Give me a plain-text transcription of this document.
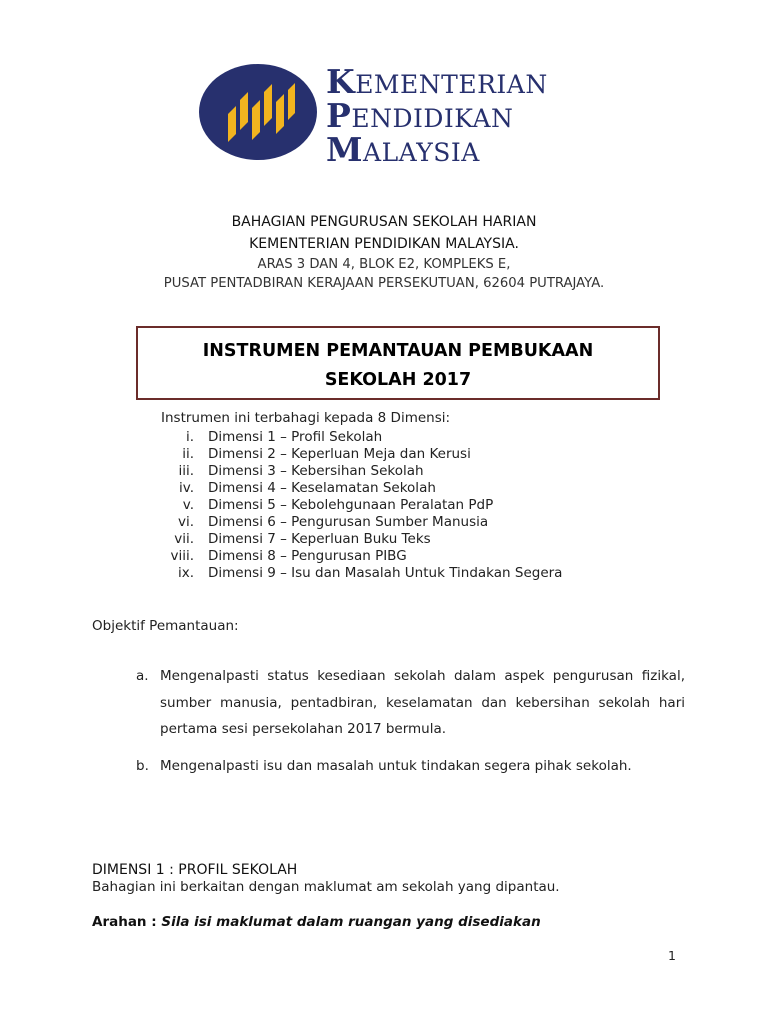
KEMENTERIAN
PENDIDIKAN
MALAYSIA
BAHAGIAN PENGURUSAN SEKOLAH HARIAN
KEMENTERIAN PENDIDIKAN MALAYSIA.
ARAS 3 DAN 4, BLOK E2, KOMPLEKS E,
PUSAT PENTADBIRAN KERAJAAN PERSEKUTUAN, 62604 PUTRAJAYA.
INSTRUMEN PEMANTAUAN PEMBUKAAN
SEKOLAH 2017
Instrumen ini terbahagi kepada 8 Dimensi:
i.	Dimensi 1 – Profil Sekolah
ii.	Dimensi 2 – Keperluan Meja dan Kerusi
iii.	Dimensi 3 – Kebersihan Sekolah
iv.	Dimensi 4 – Keselamatan Sekolah
v.	Dimensi 5 – Kebolehgunaan Peralatan PdP
vi.	Dimensi 6 – Pengurusan Sumber Manusia
vii.	Dimensi 7 – Keperluan Buku Teks
viii.	Dimensi 8 – Pengurusan PIBG
ix.	Dimensi 9 – Isu dan Masalah Untuk Tindakan Segera
Objektif Pemantauan:
a. Mengenalpasti status kesediaan sekolah dalam aspek pengurusan fizikal, sumber manusia, pentadbiran, keselamatan dan kebersihan sekolah hari pertama sesi persekolahan 2017 bermula.
b. Mengenalpasti isu dan masalah untuk tindakan segera pihak sekolah.
DIMENSI 1 : PROFIL SEKOLAH
Bahagian ini berkaitan dengan maklumat am sekolah yang dipantau.
Arahan : Sila isi maklumat dalam ruangan yang disediakan
1
